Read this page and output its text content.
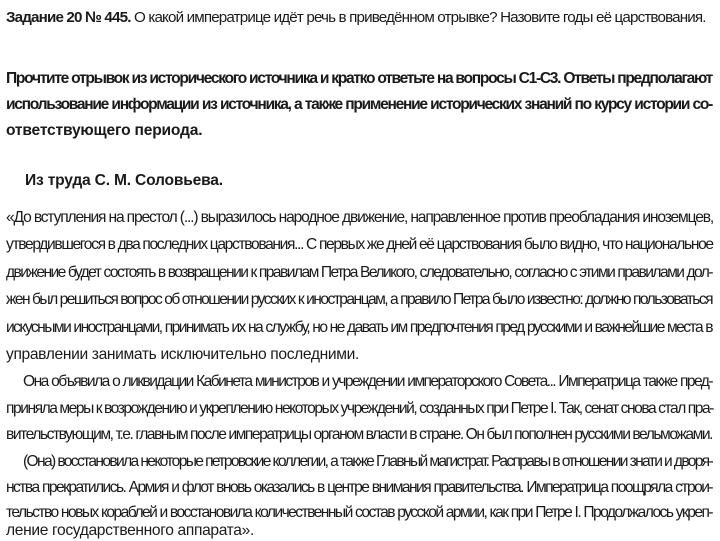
Задание 20 № 445. О какой императрице идёт речь в приведённом отрывке? Назовите годы её царствования.
Прочтите отрывок из исторического источника и кратко ответьте на вопросы С1-С3. Ответы предполагают
использование информации из источника, а также применение исторических знаний по курсу истории со-
ответствующего периода.
Из труда С. М. Соловьева.
«До вступления на престол (...) выразилось народное движение, направленное против преобладания иноземцев,
утвердившегося в два последних царствования... С первых же дней её царствования было видно, что национальное
движение будет состоять в возвращении к правилам Петра Великого, следовательно, согласно с этими правилами дол-
жен был решиться вопрос об отношении русских к иностранцам, а правило Петра было известно: должно пользоваться
искусными иностранцами, принимать их на службу, но не давать им предпочтения пред русскими и важнейшие места в
управлении занимать исключительно последними.
Она объявила о ликвидации Кабинета министров и учреждении императорского Совета... Императрица также пред-
приняла меры к возрождению и укреплению некоторых учреждений, созданных при Петре I. Так, сенат снова стал пра-
вительствующим, т.е. главным после императрицы органом власти в стране. Он был пополнен русскими вельможами.
(Она) восстановила некоторые петровские коллегии, а также Главный магистрат. Расправы в отношении знати и дворя-
нства прекратились. Армия и флот вновь оказались в центре внимания правительства. Императрица поощряла строи-
тельство новых кораблей и восстановила количественный состав русской армии, как при Петре I. Продолжалось укреп-
ление государственного аппарата».
